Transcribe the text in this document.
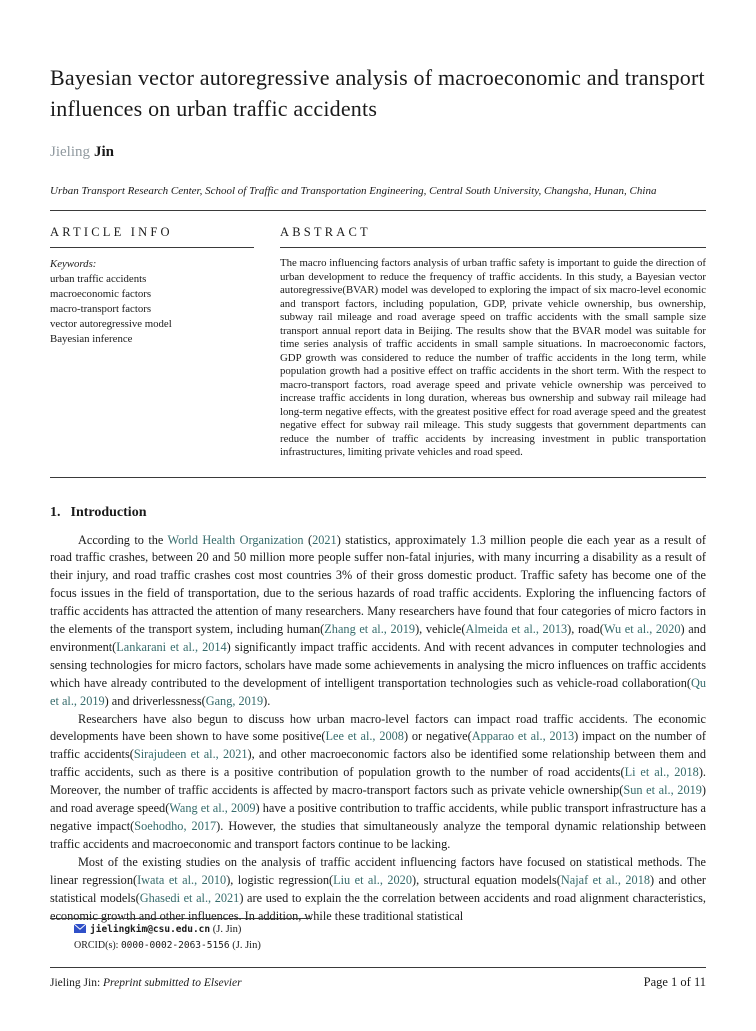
Bayesian vector autoregressive analysis of macroeconomic and transport influences on urban traffic accidents
Jieling Jin
Urban Transport Research Center, School of Traffic and Transportation Engineering, Central South University, Changsha, Hunan, China
ARTICLE INFO
Keywords:
urban traffic accidents
macroeconomic factors
macro-transport factors
vector autoregressive model
Bayesian inference
ABSTRACT

The macro influencing factors analysis of urban traffic safety is important to guide the direction of urban development to reduce the frequency of traffic accidents. In this study, a Bayesian vector autoregressive(BVAR) model was developed to exploring the impact of six macro-level economic and transport factors, including population, GDP, private vehicle ownership, bus ownership, subway rail mileage and road average speed on traffic accidents with the small sample size transport annual report data in Beijing. The results show that the BVAR model was suitable for time series analysis of traffic accidents in small sample situations. In macroeconomic factors, GDP growth was considered to reduce the number of traffic accidents in the long term, while population growth had a positive effect on traffic accidents in the short term. With the respect to macro-transport factors, road average speed and private vehicle ownership was perceived to increase traffic accidents in long duration, whereas bus ownership and subway rail mileage had long-term negative effects, with the greatest positive effect for road average speed and the greatest negative effect for subway rail mileage. This study suggests that government departments can reduce the number of traffic accidents by increasing investment in public transportation infrastructures, limiting private vehicles and road speed.

1. Introduction

According to the World Health Organization (2021) statistics, approximately 1.3 million people die each year as a result of road traffic crashes, between 20 and 50 million more people suffer non-fatal injuries, with many incurring a disability as a result of their injury, and road traffic crashes cost most countries 3% of their gross domestic product. Traffic safety has become one of the focus issues in the field of transportation, due to the serious hazards of road traffic accidents. Exploring the influencing factors of traffic accidents has attracted the attention of many researchers. Many researchers have found that four categories of micro factors in the elements of the transport system, including human(Zhang et al., 2019), vehicle(Almeida et al., 2013), road(Wu et al., 2020) and environment(Lankarani et al., 2014) significantly impact traffic accidents. And with recent advances in computer technologies and sensing technologies for micro factors, scholars have made some achievements in analysing the micro influences on traffic accidents which have already contributed to the development of intelligent transportation technologies such as vehicle-road collaboration(Qu et al., 2019) and driverlessness(Gang, 2019).

Researchers have also begun to discuss how urban macro-level factors can impact road traffic accidents. The economic developments have been shown to have some positive(Lee et al., 2008) or negative(Apparao et al., 2013) impact on the number of traffic accidents(Sirajudeen et al., 2021), and other macroeconomic factors also be identified some relationship between them and traffic accidents, such as there is a positive contribution of population growth to the number of road accidents(Li et al., 2018). Moreover, the number of traffic accidents is affected by macro-transport factors such as private vehicle ownership(Sun et al., 2019) and road average speed(Wang et al., 2009) have a positive contribution to traffic accidents, while public transport infrastructure has a negative impact(Soehodho, 2017). However, the studies that simultaneously analyze the temporal dynamic relationship between traffic accidents and macroeconomic and transport factors continue to be lacking.

Most of the existing studies on the analysis of traffic accident influencing factors have focused on statistical methods. The linear regression(Iwata et al., 2010), logistic regression(Liu et al., 2020), structural equation models(Najaf et al., 2018) and other statistical models(Ghasedi et al., 2021) are used to explain the the correlation between accidents and road alignment characteristics, economic growth and other influences. In addition, while these traditional statistical

jielingkim@csu.edu.cn (J. Jin)
ORCID(s): 0000-0002-2063-5156 (J. Jin)
Jieling Jin: Preprint submitted to Elsevier	Page 1 of 11
